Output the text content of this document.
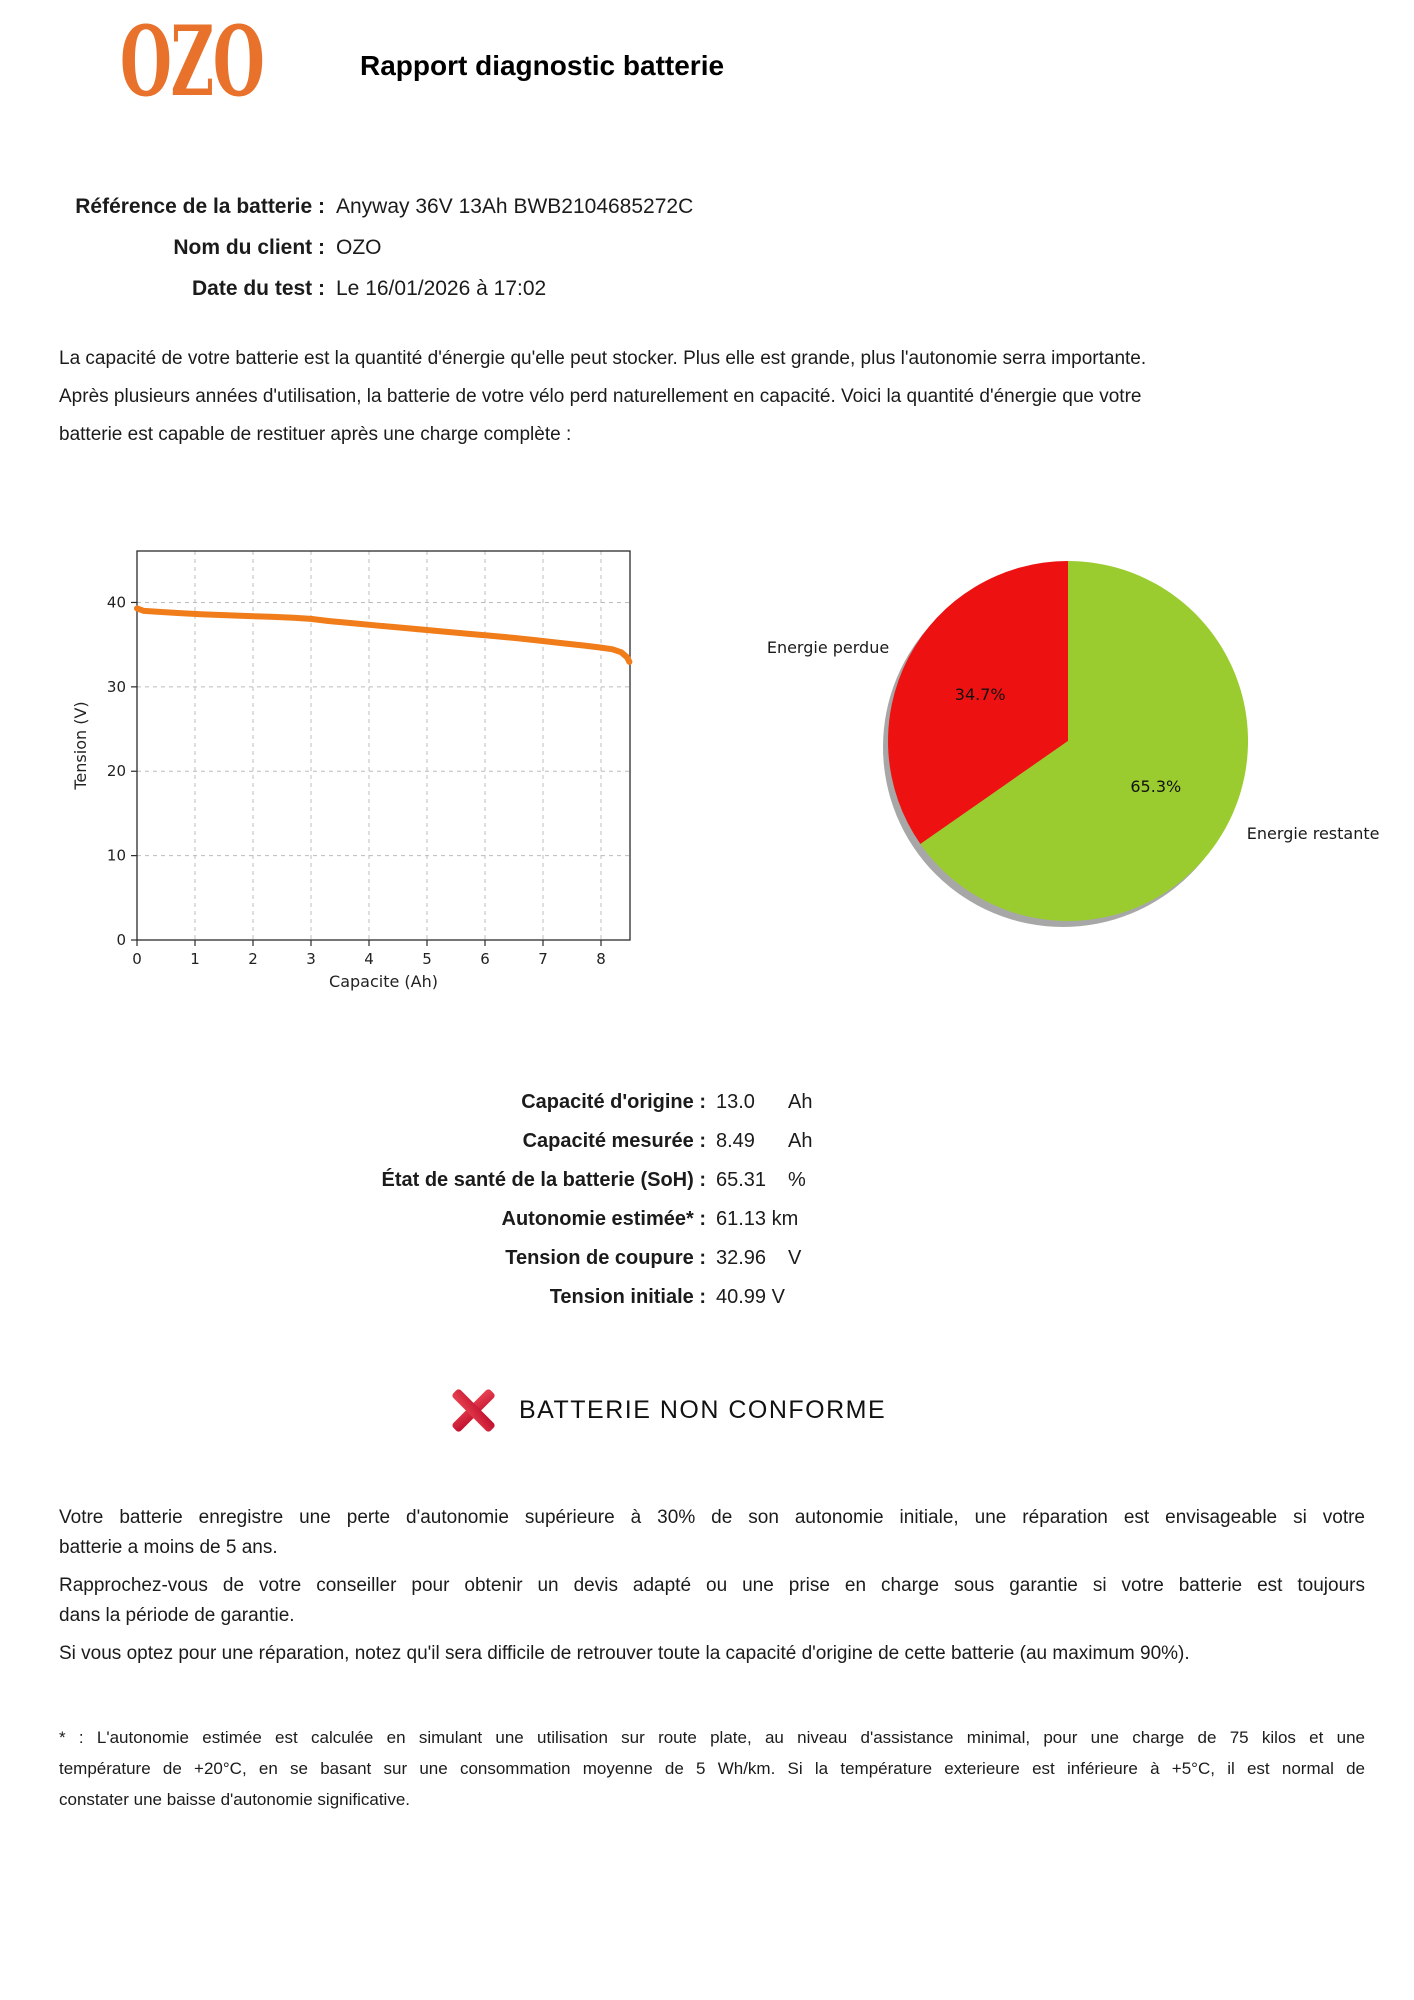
OZO	Rapport diagnostic batterie
Référence de la batterie : Anyway 36V 13Ah BWB2104685272C
Nom du client : OZO
Date du test : Le 16/01/2026 à 17:02
La capacité de votre batterie est la quantité d'énergie qu'elle peut stocker. Plus elle est grande, plus l'autonomie serra importante.
Après plusieurs années d'utilisation, la batterie de votre vélo perd naturellement en capacité. Voici la quantité d'énergie que votre
batterie est capable de restituer après une charge complète :
0	1	2	3	4	5	6	7	8
0
10
20
30
40
Capacite (Ah)
Tension (V)
34.7%
Energie perdue
65.3%
Energie restante
Capacité d'origine : 13.0	Ah
Capacité mesurée : 8.49	Ah
État de santé de la batterie (SoH) : 65.31	%
Autonomie estimée* : 61.13 km
Tension de coupure : 32.96	V
Tension initiale : 40.99 V
BATTERIE NON CONFORME
Votre batterie enregistre une perte d'autonomie supérieure à 30% de son autonomie initiale, une réparation est envisageable si votre
batterie a moins de 5 ans.
Rapprochez-vous de votre conseiller pour obtenir un devis adapté ou une prise en charge sous garantie si votre batterie est toujours
dans la période de garantie.
Si vous optez pour une réparation, notez qu'il sera difficile de retrouver toute la capacité d'origine de cette batterie (au maximum 90%).
* : L'autonomie estimée est calculée en simulant une utilisation sur route plate, au niveau d'assistance minimal, pour une charge de 75 kilos et une
température de +20°C, en se basant sur une consommation moyenne de 5 Wh/km. Si la température exterieure est inférieure à +5°C, il est normal de
constater une baisse d'autonomie significative.
